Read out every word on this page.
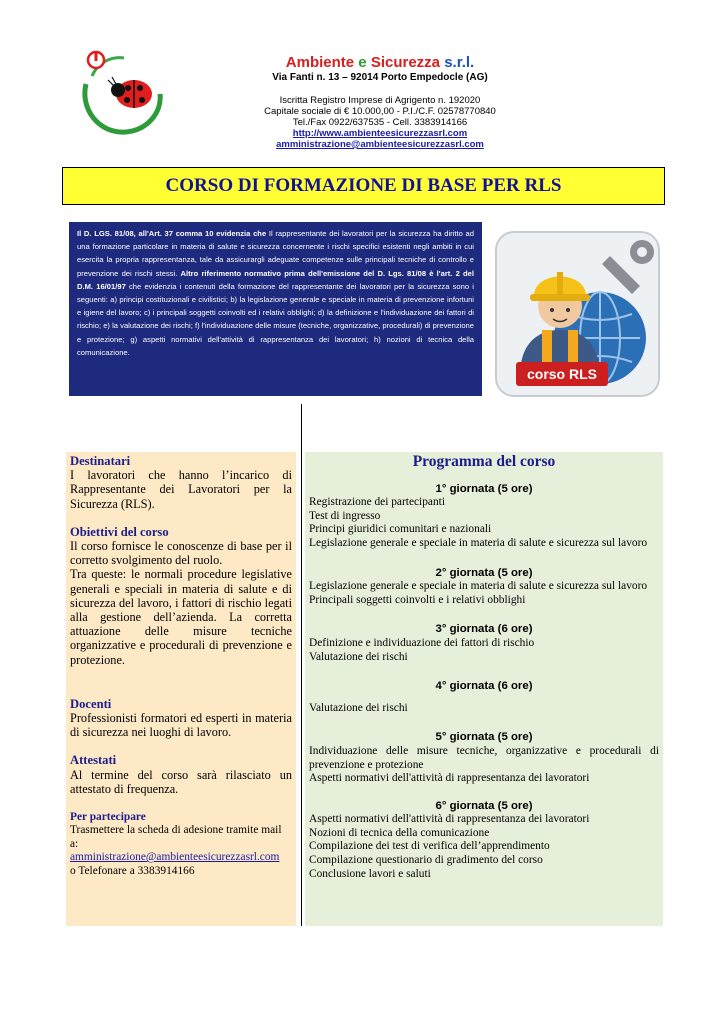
Ambiente e Sicurezza s.r.l.
Via Fanti n. 13 – 92014 Porto Empedocle (AG)
Iscritta Registro Imprese di Agrigento n. 192020
Capitale sociale di € 10.000,00 - P.I./C.F. 02578770840
Tel./Fax 0922/637535 - Cell. 3383914166
http://www.ambienteesicurezzasrl.com
amministrazione@ambienteesicurezzasrl.com
CORSO DI FORMAZIONE DI BASE PER RLS
Il D. LGS. 81/08, all'Art. 37 comma 10 evidenzia che Il rappresentante dei lavoratori per la sicurezza ha diritto ad una formazione particolare in materia di salute e sicurezza concernente i rischi specifici esistenti negli ambiti in cui esercita la propria rappresentanza, tale da assicurargli adeguate competenze sulle principali tecniche di controllo e prevenzione dei rischi stessi. Altro riferimento normativo prima dell'emissione del D. Lgs. 81/08 è l'art. 2 del D.M. 16/01/97 che evidenzia i contenuti della formazione del rappresentante dei lavoratori per la sicurezza sono i seguenti: a) principi costituzionali e civilistici; b) la legislazione generale e speciale in materia di prevenzione infortuni e igiene del lavoro; c) i principali soggetti coinvolti ed i relativi obblighi; d) la definizione e l'individuazione dei fattori di rischio; e) la valutazione dei rischi; f) l'individuazione delle misure (tecniche, organizzative, procedurali) di prevenzione e protezione; g) aspetti normativi dell'attività di rappresentanza dei lavoratori; h) nozioni di tecnica della comunicazione.
corso RLS

Destinatari

I lavoratori che hanno l’incarico di Rappresentante dei Lavoratori per la Sicurezza (RLS).

Obiettivi del corso

Il corso fornisce le conoscenze di base per il corretto svolgimento del ruolo.

Tra queste: le normali procedure legislative generali e speciali in materia di salute e di sicurezza del lavoro, i fattori di rischio legati alla gestione dell’azienda. La corretta attuazione delle misure tecniche organizzative e procedurali di prevenzione e protezione.

Docenti

Professionisti formatori ed esperti in materia di sicurezza nei luoghi di lavoro.

Attestati

Al termine del corso sarà rilasciato un attestato di frequenza.

Per partecipare

Trasmettere la scheda di adesione tramite mail a:

amministrazione@ambienteesicurezzasrl.com

o Telefonare a 3383914166

Programma del corso

1° giornata (5 ore)

Registrazione dei partecipanti

Test di ingresso

Principi giuridici comunitari e nazionali

Legislazione generale e speciale in materia di salute e sicurezza sul lavoro

2° giornata (5 ore)

Legislazione generale e speciale in materia di salute e sicurezza sul lavoro

Principali soggetti coinvolti e i relativi obblighi

3° giornata (6 ore)

Definizione e individuazione dei fattori di rischio

Valutazione dei rischi

4° giornata (6 ore)

Valutazione dei rischi

5° giornata (5 ore)

Individuazione delle misure tecniche, organizzative e procedurali di prevenzione e protezione

Aspetti normativi dell'attività di rappresentanza dei lavoratori

6° giornata (5 ore)

Aspetti normativi dell'attività di rappresentanza dei lavoratori

Nozioni di tecnica della comunicazione

Compilazione dei test di verifica dell’apprendimento

Compilazione questionario di gradimento del corso

Conclusione lavori e saluti
